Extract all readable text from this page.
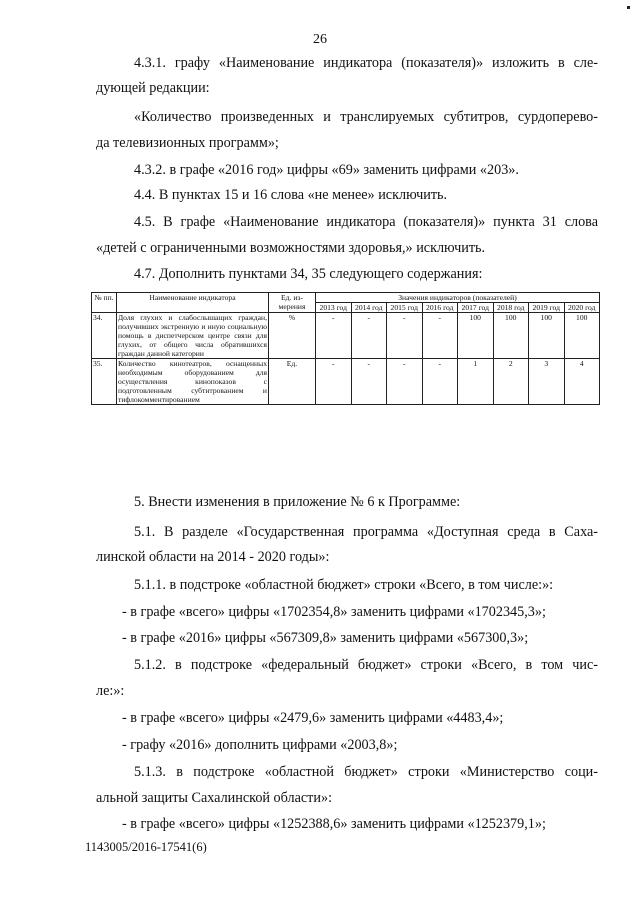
26
4.3.1. графу «Наименование индикатора (показателя)» изложить в сле-
дующей редакции:
«Количество произведенных и транслируемых субтитров, сурдоперево-
да телевизионных программ»;
4.3.2. в графе «2016 год» цифры «69» заменить цифрами «203».
4.4. В пунктах 15 и 16 слова «не менее» исключить.
4.5. В графе «Наименование индикатора (показателя)» пункта 31 слова
«детей с ограниченными возможностями здоровья,» исключить.
4.7. Дополнить пунктами 34, 35 следующего содержания:
№ пп.	Наименование индикатора	Ед. из-мерения	Значения индикаторов (показателей)							
			2013 год	2014 год	2015 год	2016 год	2017 год	2018 год	2019 год	2020 год
34.	Доля глухих и слабослышащих граждан, получивших экстренную и иную социальную помощь в диспетчерском центре связи для глухих, от общего числа обратившихся граждан данной категории	%	-	-	-	-	100	100	100	100
35.	Количество кинотеатров, оснащенных необходимым оборудованием для осуществления кинопоказов с подготовленным субтитрованием и тифлокомментированием	Ед.	-	-	-	-	1	2	3	4
5. Внести изменения в приложение № 6 к Программе:
5.1. В разделе «Государственная программа «Доступная среда в Саха-
линской области на 2014 - 2020 годы»:
5.1.1. в подстроке «областной бюджет» строки «Всего, в том числе:»:
- в графе «всего» цифры «1702354,8» заменить цифрами «1702345,3»;
- в графе «2016» цифры «567309,8» заменить цифрами «567300,3»;
5.1.2. в подстроке «федеральный бюджет» строки «Всего, в том чис-
ле:»:
- в графе «всего» цифры «2479,6» заменить цифрами «4483,4»;
- графу «2016» дополнить цифрами «2003,8»;
5.1.3. в подстроке «областной бюджет» строки «Министерство соци-
альной защиты Сахалинской области»:
- в графе «всего» цифры «1252388,6» заменить цифрами «1252379,1»;
1143005/2016-17541(6)
